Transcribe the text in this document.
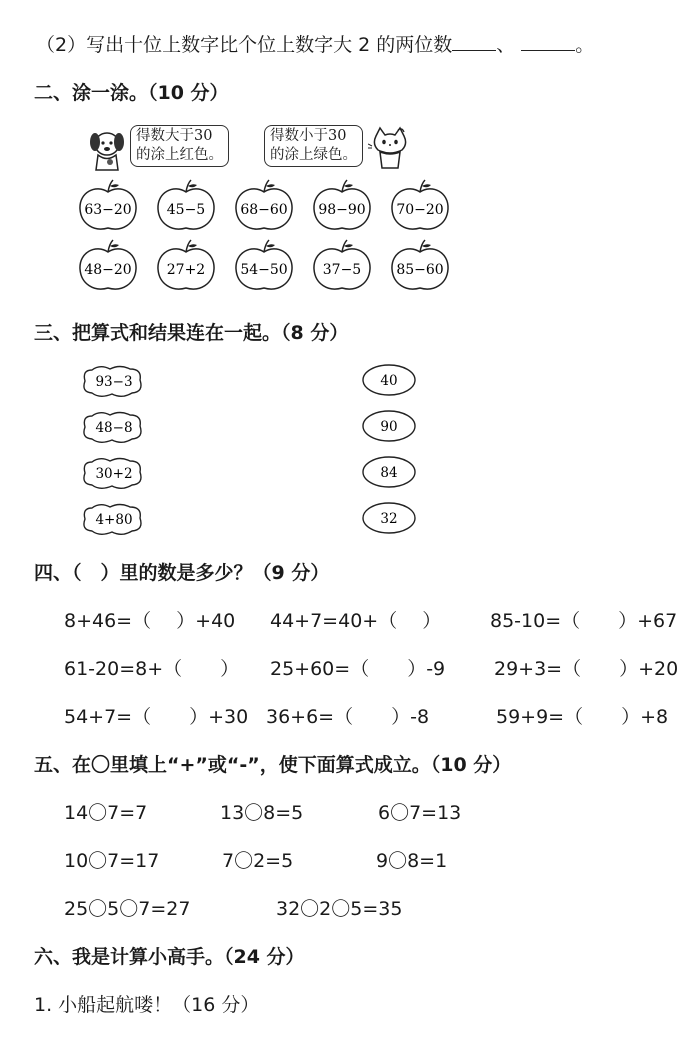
（2）写出十位上数字比个位上数字大 2 的两位数 、	。
二、涂一涂。（10 分）
得数大于30
的涂上红色。
得数小于30
的涂上绿色。
63−20	45−5	68−60 98−90 70−20
48−20	27+2	54−50	37−5	85−60
三、把算式和结果连在一起。（8 分）
93−3
48−8
30+2
4+80
40
90
84
32
四、（　）里的数是多少？（9 分）
8+46=（　 ）+40 44+7=40+（　 ）	85-10=（　　）+67
61-20=8+（　　） 25+60=（　　）-9	29+3=（　　）+20
54+7=（　　）+30 36+6=（　　）-8	59+9=（　　）+8
五、在〇里填上“+”或“-”，使下面算式成立。（10 分）
14〇7=7	13〇8=5	6〇7=13
10〇7=17	7〇2=5	9〇8=1
25〇5〇7=27	32〇2〇5=35
六、我是计算小高手。（24 分）
1. 小船起航喽！（16 分）
